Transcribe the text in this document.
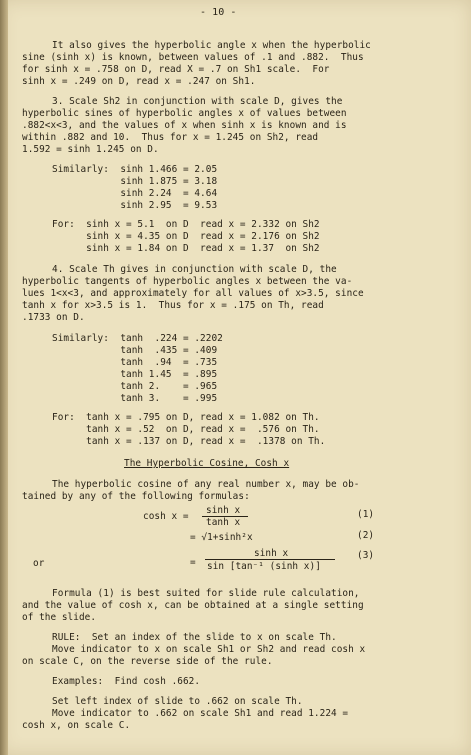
- 10 -
It also gives the hyperbolic angle x when the hyperbolic
sine (sinh x) is known, between values of .1 and .882.  Thus
for sinh x = .758 on D, read X = .7 on Sh1 scale.  For
sinh x = .249 on D, read x = .247 on Sh1.
3. Scale Sh2 in conjunction with scale D, gives the
hyperbolic sines of hyperbolic angles x of values between
.882<x<3, and the values of x when sinh x is known and is
within .882 and 10.  Thus for x = 1.245 on Sh2, read
1.592 = sinh 1.245 on D.
Similarly:  sinh 1.466 = 2.05
sinh 1.875 = 3.18
sinh 2.24  = 4.64
sinh 2.95  = 9.53
For:  sinh x = 5.1  on D  read x = 2.332 on Sh2
sinh x = 4.35 on D  read x = 2.176 on Sh2
sinh x = 1.84 on D  read x = 1.37  on Sh2
4. Scale Th gives in conjunction with scale D, the
hyperbolic tangents of hyperbolic angles x between the va-
lues 1<x<3, and approximately for all values of x>3.5, since
tanh x for x>3.5 is 1.  Thus for x = .175 on Th, read
.1733 on D.
Similarly:  tanh  .224 = .2202
tanh  .435 = .409
tanh  .94  = .735
tanh 1.45  = .895
tanh 2.    = .965
tanh 3.    = .995
For:  tanh x = .795 on D, read x = 1.082 on Th.
tanh x = .52  on D, read x =  .576 on Th.
tanh x = .137 on D, read x =  .1378 on Th.
The Hyperbolic Cosine, Cosh x
The hyperbolic cosine of any real number x, may be ob-
tained by any of the following formulas:
cosh x =
sinh x
tanh x
(1)
= √1+sinh²x	(2)
or	=
sinh x
sin [tan⁻¹ (sinh x)]
(3)
Formula (1) is best suited for slide rule calculation,
and the value of cosh x, can be obtained at a single setting
of the slide.
RULE:  Set an index of the slide to x on scale Th.
Move indicator to x on scale Sh1 or Sh2 and read cosh x
on scale C, on the reverse side of the rule.
Examples:  Find cosh .662.
Set left index of slide to .662 on scale Th.
Move indicator to .662 on scale Sh1 and read 1.224 =
cosh x, on scale C.
